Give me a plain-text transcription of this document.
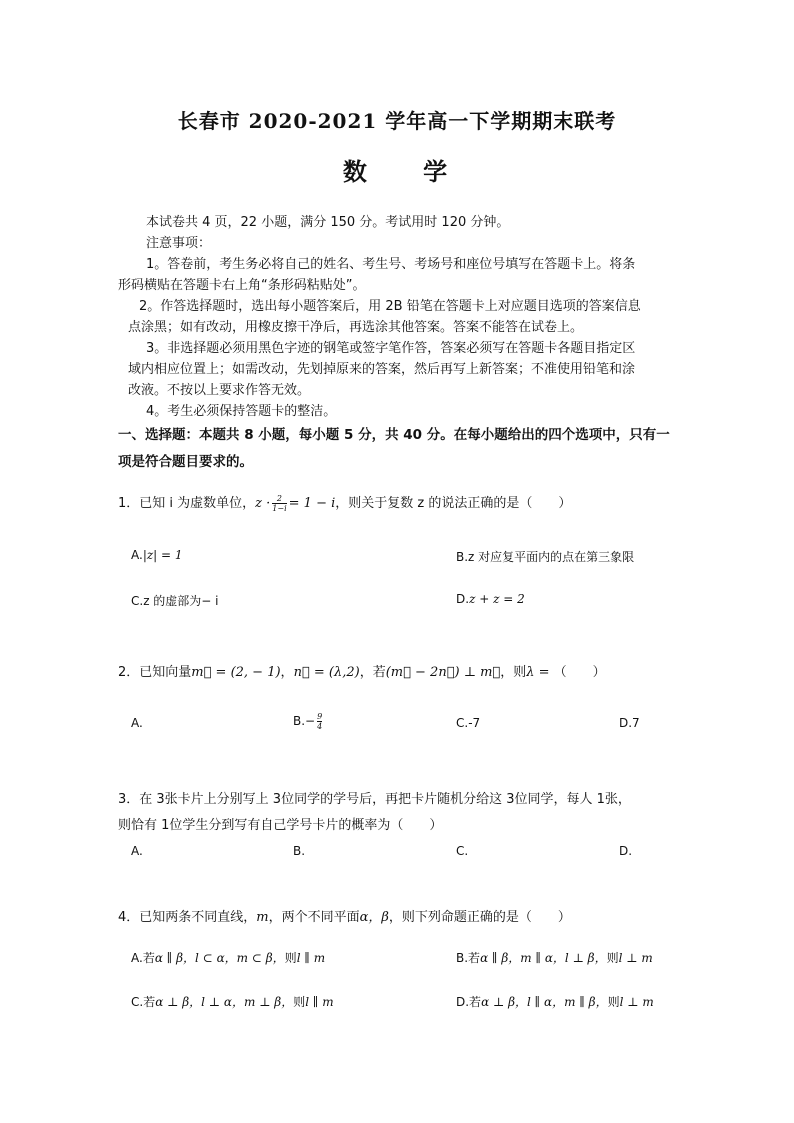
长春市 2020-2021 学年高一下学期期末联考
数 学
本试卷共 4 页，22 小题，满分 150 分。考试用时 120 分钟。
注意事项：
1。答卷前，考生务必将自己的姓名、考生号、考场号和座位号填写在答题卡上。将条
形码横贴在答题卡右上角“条形码粘贴处”。
2。作答选择题时，选出每小题答案后，用 2B 铅笔在答题卡上对应题目选项的答案信息
点涂黑；如有改动，用橡皮擦干净后，再选涂其他答案。答案不能答在试卷上。
3。非选择题必须用黑色字迹的钢笔或签字笔作答，答案必须写在答题卡各题目指定区
域内相应位置上；如需改动，先划掉原来的答案，然后再写上新答案；不准使用铅笔和涂
改液。不按以上要求作答无效。
4。考生必须保持答题卡的整洁。
一、选择题：本题共 8 小题，每小题 5 分，共 40 分。在每小题给出的四个选项中，只有一
项是符合题目要求的。
1．已知 i 为虚数单位，$z \cdot \frac{2}{1-i} = 1 - i$，则关于复数 z 的说法正确的是（　　）
A.|z| = 1	B.z 对应复平面内的点在第三象限
C.z 的虚部为− i	D.z + z = 2
2．已知向量m⃗ = (2, − 1)，n⃗ = (λ,2)，若(m⃗ − 2n⃗) ⊥ m⃗，则λ = （　　）
A.	$B.- \frac{9}{4}$	C.-7	D.7
3．在 3张卡片上分别写上 3位同学的学号后，再把卡片随机分给这 3位同学，每人 1张，
则恰有 1位学生分到写有自己学号卡片的概率为（　　）
A.	B.	C.	D.
4．已知两条不同直线，m，两个不同平面α，β，则下列命题正确的是（　　）
A.若α ∥ β，l ⊂ α，m ⊂ β，则l ∥ m	B.若α ∥ β，m ∥ α，l ⊥ β，则l ⊥ m
C.若α ⊥ β，l ⊥ α，m ⊥ β，则l ∥ m	D.若α ⊥ β，l ∥ α，m ∥ β，则l ⊥ m
